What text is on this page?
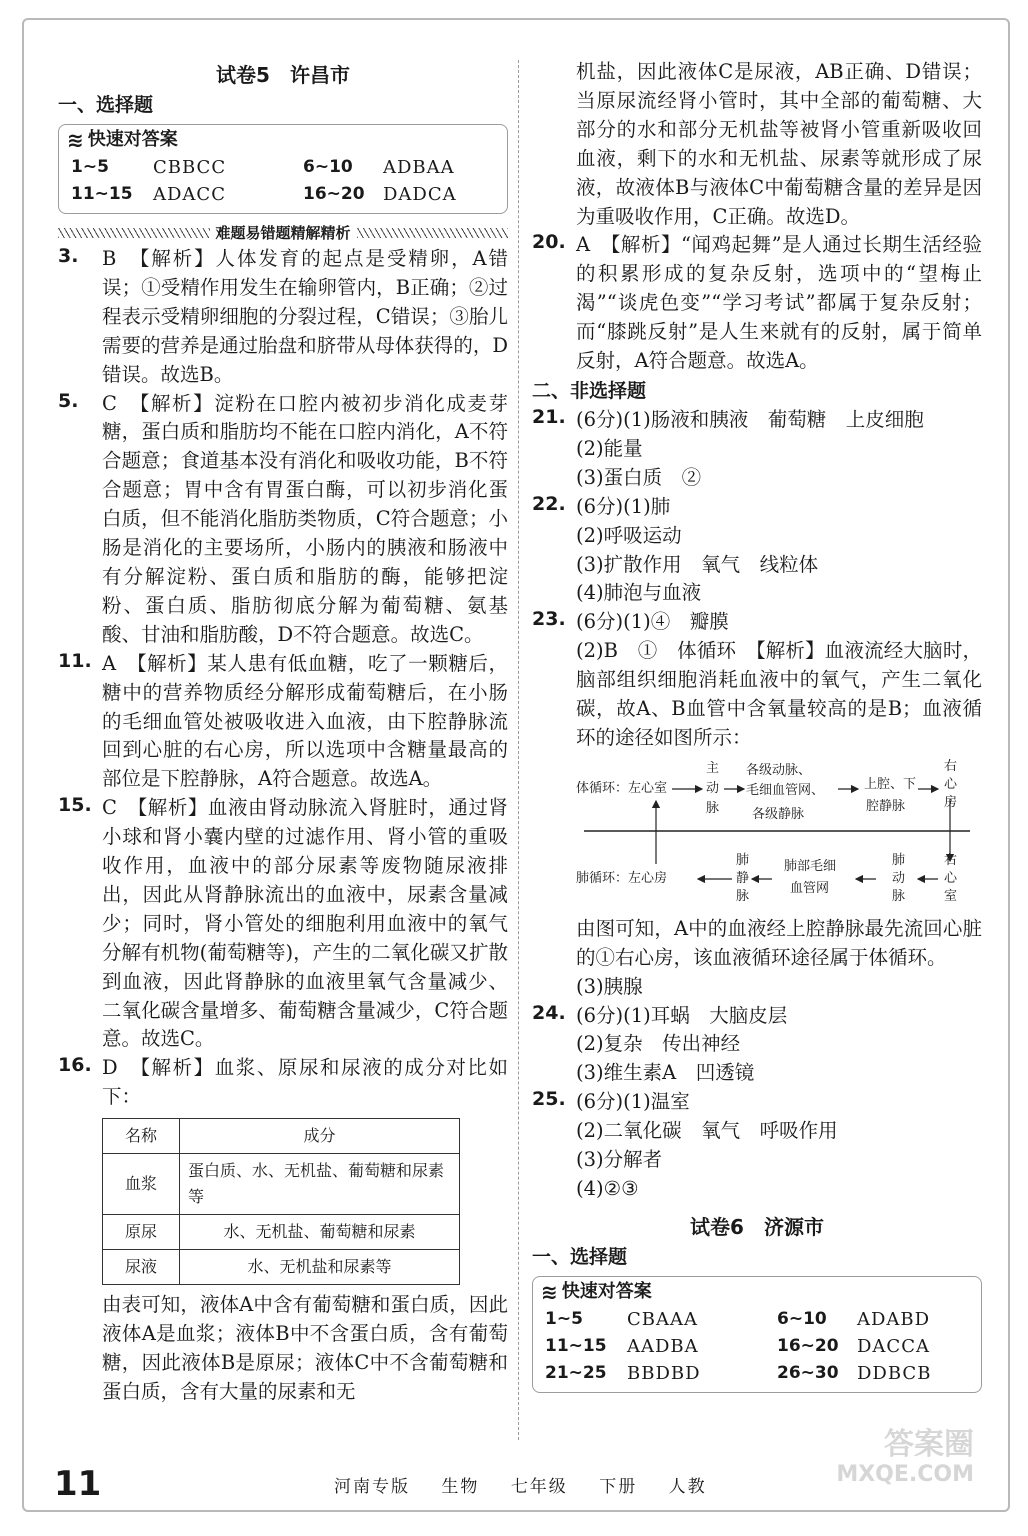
试卷5　许昌市
一、选择题
≋ 快速对答案
1~5	CBBCC	6~10	ADBAA
11~15	ADACC	16~20	DADCA
难题易错题精解精析
3. B　【解析】人体发育的起点是受精卵，A错误；①受精作用发生在输卵管内，B正确；②过程表示受精卵细胞的分裂过程，C错误；③胎儿需要的营养是通过胎盘和脐带从母体获得的，D错误。故选B。

5. C　【解析】淀粉在口腔内被初步消化成麦芽糖，蛋白质和脂肪均不能在口腔内消化，A不符合题意；食道基本没有消化和吸收功能，B不符合题意；胃中含有胃蛋白酶，可以初步消化蛋白质，但不能消化脂肪类物质，C符合题意；小肠是消化的主要场所，小肠内的胰液和肠液中有分解淀粉、蛋白质和脂肪的酶，能够把淀粉、蛋白质、脂肪彻底分解为葡萄糖、氨基酸、甘油和脂肪酸，D不符合题意。故选C。

11. A　【解析】某人患有低血糖，吃了一颗糖后，糖中的营养物质经分解形成葡萄糖后，在小肠的毛细血管处被吸收进入血液，由下腔静脉流回到心脏的右心房，所以选项中含糖量最高的部位是下腔静脉，A符合题意。故选A。

15. C　【解析】血液由肾动脉流入肾脏时，通过肾小球和肾小囊内壁的过滤作用、肾小管的重吸收作用，血液中的部分尿素等废物随尿液排出，因此从肾静脉流出的血液中，尿素含量减少；同时，肾小管处的细胞利用血液中的氧气分解有机物(葡萄糖等)，产生的二氧化碳又扩散到血液，因此肾静脉的血液里氧气含量减少、二氧化碳含量增多、葡萄糖含量减少，C符合题意。故选C。

16. D　【解析】血浆、原尿和尿液的成分对比如下：

名称	成分
血浆	蛋白质、水、无机盐、葡萄糖和尿素等
原尿	水、无机盐、葡萄糖和尿素
尿液	水、无机盐和尿素等

由表可知，液体A中含有葡萄糖和蛋白质，因此液体A是血浆；液体B中不含蛋白质，含有葡萄糖，因此液体B是原尿；液体C中不含葡萄糖和蛋白质，含有大量的尿素和无

机盐，因此液体C是尿液，AB正确、D错误；当原尿流经肾小管时，其中全部的葡萄糖、大部分的水和部分无机盐等被肾小管重新吸收回血液，剩下的水和无机盐、尿素等就形成了尿液，故液体B与液体C中葡萄糖含量的差异是因为重吸收作用，C正确。故选D。

20. A　【解析】“闻鸡起舞”是人通过长期生活经验的积累形成的复杂反射，选项中的“望梅止渴”“谈虎色变”“学习考试”都属于复杂反射；而“膝跳反射”是人生来就有的反射，属于简单反射，A符合题意。故选A。

二、非选择题
21. (6分)(1)肠液和胰液　葡萄糖　上皮细胞

(2)能量

(3)蛋白质　②

22. (6分)(1)肺

(2)呼吸运动

(3)扩散作用　氧气　线粒体

(4)肺泡与血液

23. (6分)(1)④　瓣膜

(2)B　①　体循环　【解析】血液流经大脑时，脑部组织细胞消耗血液中的氧气，产生二氧化碳，故A、B血管中含氧量较高的是B；血液循环的途径如图所示：

体循环：左心室
主
动
脉
各级动脉、
毛细血管网、
各级静脉
上腔、下
腔静脉
右
心
房
肺循环：左心房
肺
静
脉
肺部毛细
血管网
肺
动
脉
右
心
室

由图可知，A中的血液经上腔静脉最先流回心脏的①右心房，该血液循环途径属于体循环。

(3)胰腺

24. (6分)(1)耳蜗　大脑皮层

(2)复杂　传出神经

(3)维生素A　凹透镜

25. (6分)(1)温室

(2)二氧化碳　氧气　呼吸作用

(3)分解者

(4)②③

试卷6　济源市
一、选择题
≋ 快速对答案
1~5	CBAAA	6~10	ADABD
11~15	AADBA	16~20	DACCA
21~25	BBDBD	26~30	DDBCB
11	河南专版 生物 七年级 下册 人教
答案圈
MXQE.COM
